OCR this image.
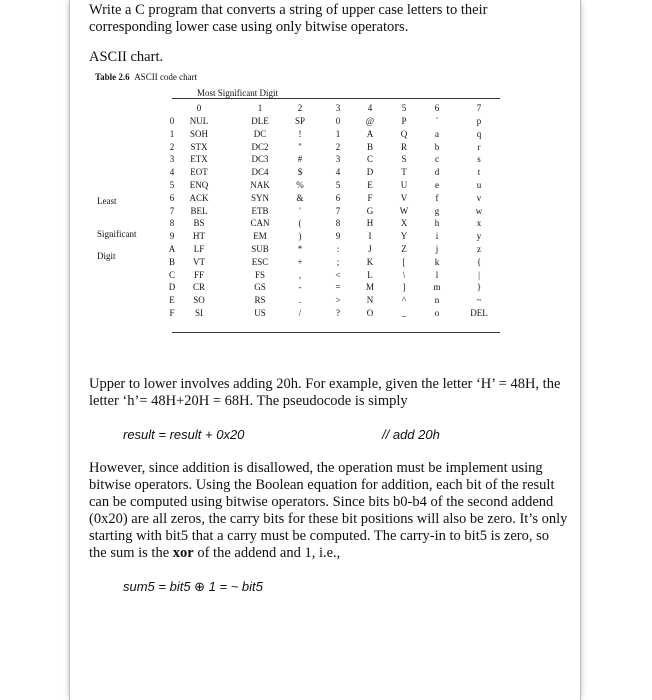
Write a C program that converts a string of upper case letters to their corresponding lower case using only bitwise operators.
ASCII chart.
Table 2.6 ASCII code chart
Most Significant Digit
Least
Significant
Digit
0	1	2	3	4	5	6	7
0	NUL	DLE	SP	0	@	P	`	p
1	SOH	DC	!	1	A	Q	a	q
2	STX	DC2	"	2	B	R	b	r
3	ETX	DC3	#	3	C	S	c	s
4	EOT	DC4	$	4	D	T	d	t
5	ENQ	NAK	%	5	E	U	e	u
6	ACK	SYN	&	6	F	V	f	v
7	BEL	ETB	'	7	G	W	g	w
8	BS	CAN	(	8	H	X	h	x
9	HT	EM	)	9	I	Y	i	y
A	LF	SUB	*	:	J	Z	j	z
B	VT	ESC	+	;	K	[	k	{
C	FF	FS	,	<	L	\	l	|
D	CR	GS	-	=	M	]	m	}
E	SO	RS	.	>	N	^	n	~
F	SI	US	/	?	O	_	o	DEL
Upper to lower involves adding 20h. For example, given the letter ‘H’ = 48H, the letter ‘h’= 48H+20H = 68H. The pseudocode is simply
result = result + 0x20	// add 20h
However, since addition is disallowed, the operation must be implement using bitwise operators. Using the Boolean equation for addition, each bit of the result can be computed using bitwise operators. Since bits b0-b4 of the second addend (0x20) are all zeros, the carry bits for these bit positions will also be zero. It’s only starting with bit5 that a carry must be computed. The carry-in to bit5 is zero, so the sum is the xor of the addend and 1, i.e.,
sum5 = bit5 ⊕ 1 = ~ bit5
